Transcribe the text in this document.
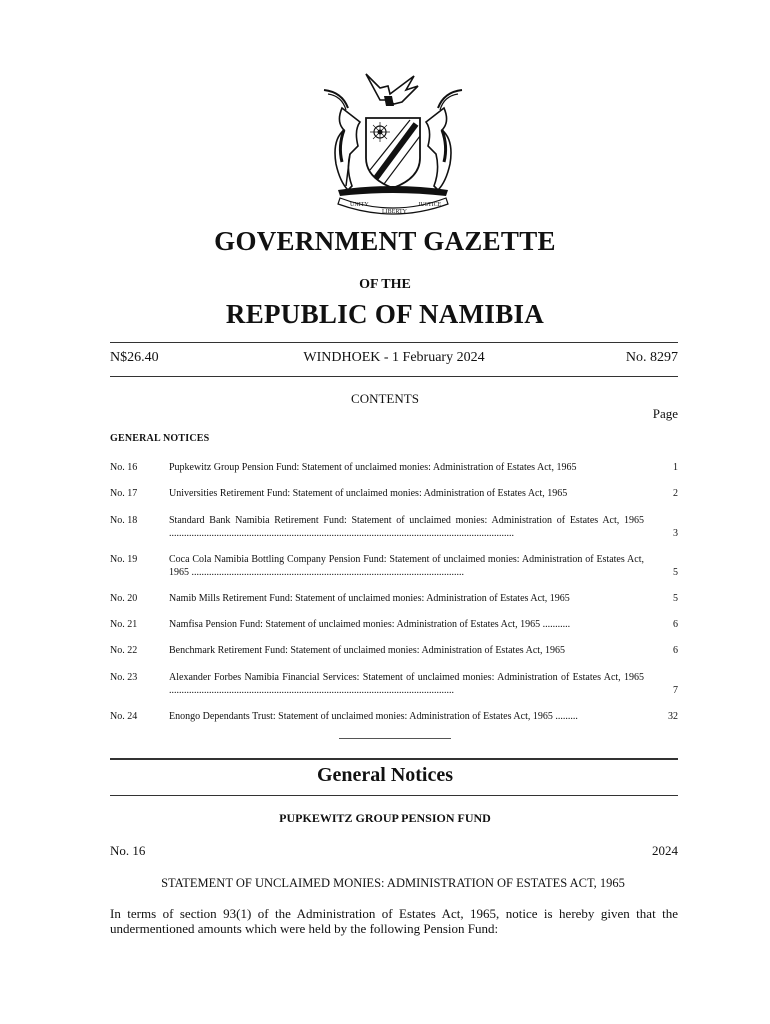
UNITY
LIBERTY
JUSTICE
GOVERNMENT GAZETTE
OF THE
REPUBLIC OF NAMIBIA
N$26.40	WINDHOEK - 1 February 2024	No. 8297
CONTENTS
Page
GENERAL NOTICES
No. 16	Pupkewitz Group Pension Fund: Statement of unclaimed monies: Administration of Estates Act, 1965	1
No. 17	Universities Retirement Fund: Statement of unclaimed monies: Administration of Estates Act, 1965	2
No. 18	Standard Bank Namibia Retirement Fund: Statement of unclaimed monies: Administration of Estates Act, 1965 ..........................................................................................................................................	3
No. 19	Coca Cola Namibia Bottling Company Pension Fund: Statement of unclaimed monies: Administration of Estates Act, 1965 .............................................................................................................	5
No. 20	Namib Mills Retirement Fund: Statement of unclaimed monies: Administration of Estates Act, 1965	5
No. 21	Namfisa Pension Fund: Statement of unclaimed monies: Administration of Estates Act, 1965 ...........	6
No. 22	Benchmark Retirement Fund: Statement of unclaimed monies: Administration of Estates Act, 1965	6
No. 23	Alexander Forbes Namibia Financial Services: Statement of unclaimed monies: Administration of Estates Act, 1965 ..................................................................................................................	7
No. 24	Enongo Dependants Trust: Statement of unclaimed monies: Administration of Estates Act, 1965 .........	32
General Notices
PUPKEWITZ GROUP PENSION FUND
No. 16	2024
STATEMENT OF UNCLAIMED MONIES: ADMINISTRATION OF ESTATES ACT, 1965
In terms of section 93(1) of the Administration of Estates Act, 1965, notice is hereby given that the undermentioned amounts which were held by the following Pension Fund:
